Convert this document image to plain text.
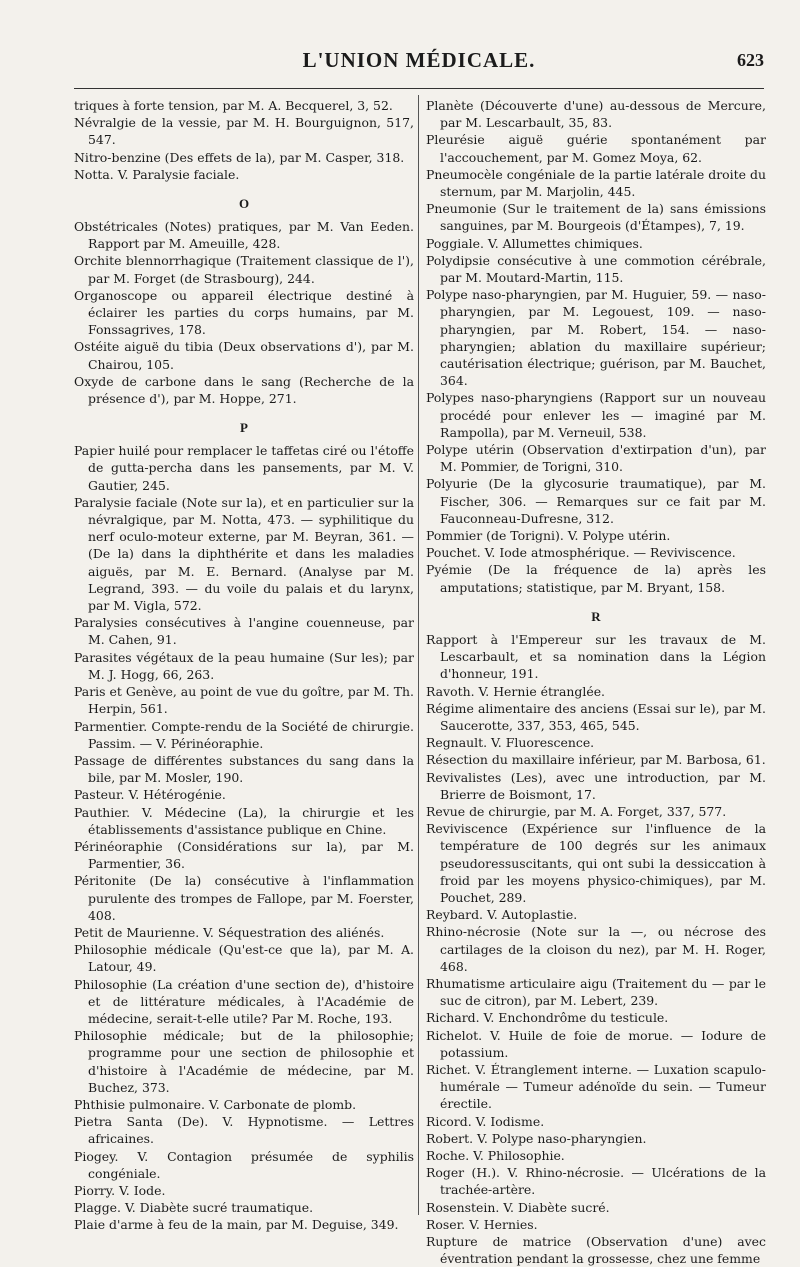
L'UNION MÉDICALE.	623
triques à forte tension, par M. A. Becquerel, 3, 52.
Névralgie de la vessie, par M. H. Bourguignon, 517, 547.
Nitro-benzine (Des effets de la), par M. Casper, 318.
Notta. V. Paralysie faciale.
O
Obstétricales (Notes) pratiques, par M. Van Eeden. Rapport par M. Ameuille, 428.
Orchite blennorrhagique (Traitement classique de l'), par M. Forget (de Strasbourg), 244.
Organoscope ou appareil électrique destiné à éclairer les parties du corps humains, par M. Fonssagrives, 178.
Ostéite aiguë du tibia (Deux observations d'), par M. Chairou, 105.
Oxyde de carbone dans le sang (Recherche de la présence d'), par M. Hoppe, 271.
P
Papier huilé pour remplacer le taffetas ciré ou l'étoffe de gutta-percha dans les pansements, par M. V. Gautier, 245.
Paralysie faciale (Note sur la), et en particulier sur la névralgique, par M. Notta, 473. — syphilitique du nerf oculo-moteur externe, par M. Beyran, 361. — (De la) dans la diphthérite et dans les maladies aiguës, par M. E. Bernard. (Analyse par M. Legrand, 393. — du voile du palais et du larynx, par M. Vigla, 572.
Paralysies consécutives à l'angine couenneuse, par M. Cahen, 91.
Parasites végétaux de la peau humaine (Sur les); par M. J. Hogg, 66, 263.
Paris et Genève, au point de vue du goître, par M. Th. Herpin, 561.
Parmentier. Compte-rendu de la Société de chirurgie. Passim. — V. Périnéoraphie.
Passage de différentes substances du sang dans la bile, par M. Mosler, 190.
Pasteur. V. Hétérogénie.
Pauthier. V. Médecine (La), la chirurgie et les établissements d'assistance publique en Chine.
Périnéoraphie (Considérations sur la), par M. Parmentier, 36.
Péritonite (De la) consécutive à l'inflammation purulente des trompes de Fallope, par M. Foerster, 408.
Petit de Maurienne. V. Séquestration des aliénés.
Philosophie médicale (Qu'est-ce que la), par M. A. Latour, 49.
Philosophie (La création d'une section de), d'histoire et de littérature médicales, à l'Académie de médecine, serait-t-elle utile? Par M. Roche, 193.
Philosophie médicale; but de la philosophie; programme pour une section de philosophie et d'histoire à l'Académie de médecine, par M. Buchez, 373.
Phthisie pulmonaire. V. Carbonate de plomb.
Pietra Santa (De). V. Hypnotisme. — Lettres africaines.
Piogey. V. Contagion présumée de syphilis congéniale.
Piorry. V. Iode.
Plagge. V. Diabète sucré traumatique.
Plaie d'arme à feu de la main, par M. Deguise, 349.
Planète (Découverte d'une) au-dessous de Mercure, par M. Lescarbault, 35, 83.
Pleurésie aiguë guérie spontanément par l'accouchement, par M. Gomez Moya, 62.
Pneumocèle congéniale de la partie latérale droite du sternum, par M. Marjolin, 445.
Pneumonie (Sur le traitement de la) sans émissions sanguines, par M. Bourgeois (d'Étampes), 7, 19.
Poggiale. V. Allumettes chimiques.
Polydipsie consécutive à une commotion cérébrale, par M. Moutard-Martin, 115.
Polype naso-pharyngien, par M. Huguier, 59. — naso-pharyngien, par M. Legouest, 109. — naso-pharyngien, par M. Robert, 154. — naso-pharyngien; ablation du maxillaire supérieur; cautérisation électrique; guérison, par M. Bauchet, 364.
Polypes naso-pharyngiens (Rapport sur un nouveau procédé pour enlever les — imaginé par M. Rampolla), par M. Verneuil, 538.
Polype utérin (Observation d'extirpation d'un), par M. Pommier, de Torigni, 310.
Polyurie (De la glycosurie traumatique), par M. Fischer, 306. — Remarques sur ce fait par M. Fauconneau-Dufresne, 312.
Pommier (de Torigni). V. Polype utérin.
Pouchet. V. Iode atmosphérique. — Reviviscence.
Pyémie (De la fréquence de la) après les amputations; statistique, par M. Bryant, 158.
R
Rapport à l'Empereur sur les travaux de M. Lescarbault, et sa nomination dans la Légion d'honneur, 191.
Ravoth. V. Hernie étranglée.
Régime alimentaire des anciens (Essai sur le), par M. Saucerotte, 337, 353, 465, 545.
Regnault. V. Fluorescence.
Résection du maxillaire inférieur, par M. Barbosa, 61.
Revivalistes (Les), avec une introduction, par M. Brierre de Boismont, 17.
Revue de chirurgie, par M. A. Forget, 337, 577.
Reviviscence (Expérience sur l'influence de la température de 100 degrés sur les animaux pseudoressuscitants, qui ont subi la dessiccation à froid par les moyens physico-chimiques), par M. Pouchet, 289.
Reybard. V. Autoplastie.
Rhino-nécrosie (Note sur la —, ou nécrose des cartilages de la cloison du nez), par M. H. Roger, 468.
Rhumatisme articulaire aigu (Traitement du — par le suc de citron), par M. Lebert, 239.
Richard. V. Enchondrôme du testicule.
Richelot. V. Huile de foie de morue. — Iodure de potassium.
Richet. V. Étranglement interne. — Luxation scapulo-humérale — Tumeur adénoïde du sein. — Tumeur érectile.
Ricord. V. Iodisme.
Robert. V. Polype naso-pharyngien.
Roche. V. Philosophie.
Roger (H.). V. Rhino-nécrosie. — Ulcérations de la trachée-artère.
Rosenstein. V. Diabète sucré.
Roser. V. Hernies.
Rupture de matrice (Observation d'une) avec éventration pendant la grossesse, chez une femme
